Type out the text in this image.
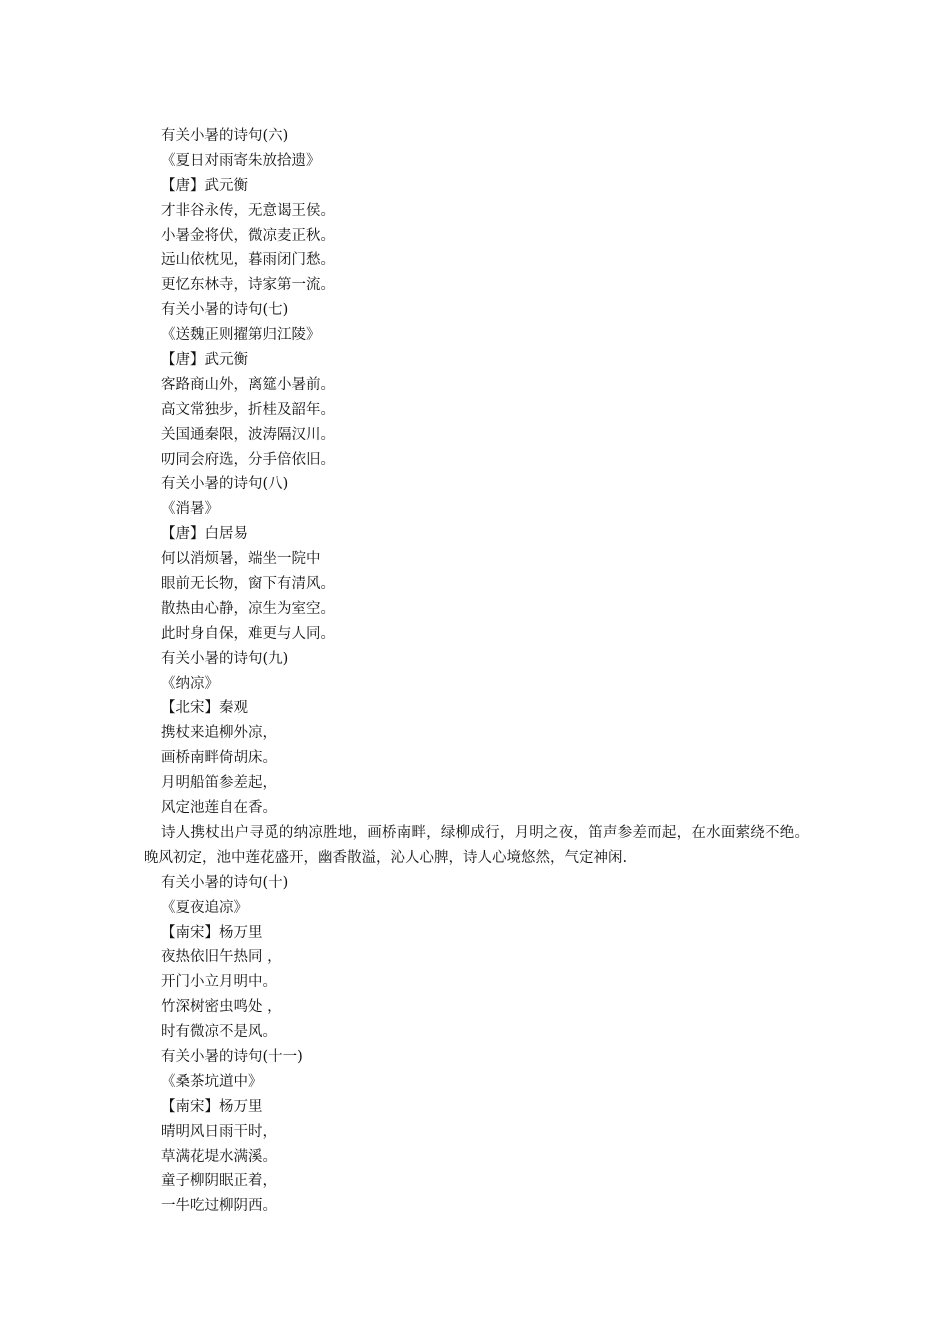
有关小暑的诗句(六)
《夏日对雨寄朱放拾遗》
【唐】武元衡
才非谷永传，无意谒王侯。
小暑金将伏，微凉麦正秋。
远山依枕见，暮雨闭门愁。
更忆东林寺，诗家第一流。
有关小暑的诗句(七)
《送魏正则擢第归江陵》
【唐】武元衡
客路商山外，离筵小暑前。
高文常独步，折桂及韶年。
关国通秦限，波涛隔汉川。
叨同会府选，分手倍依旧。
有关小暑的诗句(八)
《消暑》
【唐】白居易
何以消烦暑，端坐一院中
眼前无长物，窗下有清风。
散热由心静，凉生为室空。
此时身自保，难更与人同。
有关小暑的诗句(九)
《纳凉》
【北宋】秦观
携杖来追柳外凉，
画桥南畔倚胡床。
月明船笛参差起，
风定池莲自在香。
诗人携杖出户寻觅的纳凉胜地，画桥南畔，绿柳成行，月明之夜，笛声参差而起，在水面萦绕不绝。晚风初定，池中莲花盛开，幽香散溢，沁人心脾，诗人心境悠然，气定神闲.
有关小暑的诗句(十)
《夏夜追凉》
【南宋】杨万里
夜热依旧午热同 ，
开门小立月明中。
竹深树密虫鸣处 ，
时有微凉不是风。
有关小暑的诗句(十一)
《桑茶坑道中》
【南宋】杨万里
晴明风日雨干时，
草满花堤水满溪。
童子柳阴眠正着，
一牛吃过柳阴西。
